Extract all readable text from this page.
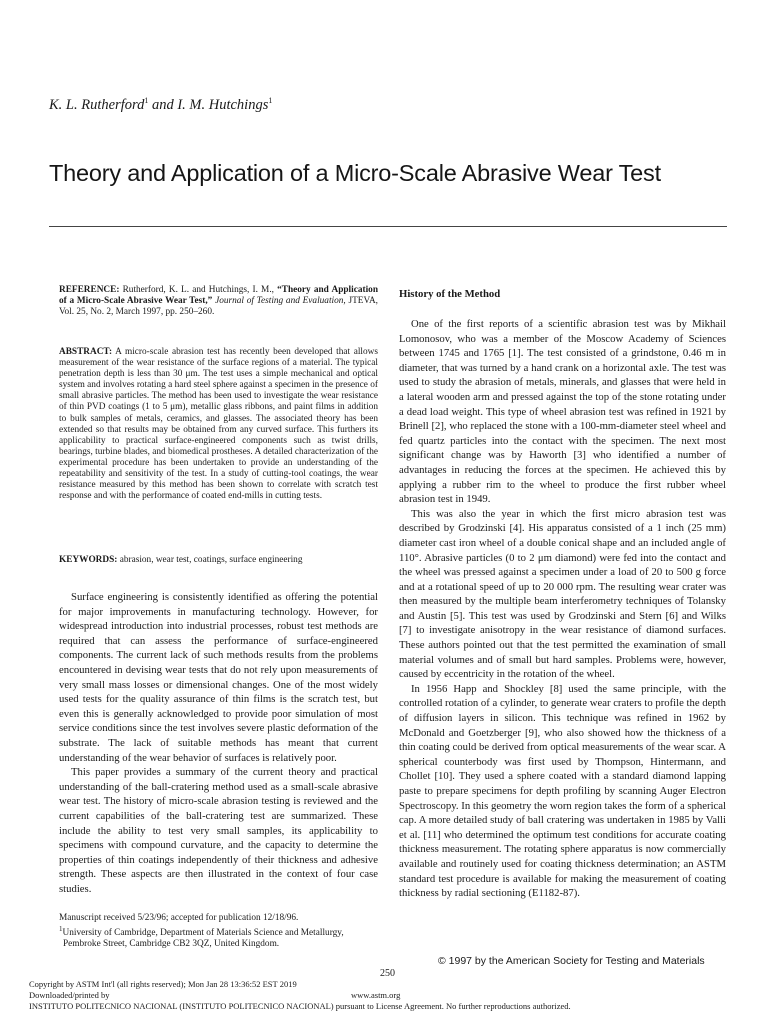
K. L. Rutherford$^1$ and I. M. Hutchings$^1$
Theory and Application of a Micro-Scale Abrasive Wear Test
REFERENCE: Rutherford, K. L. and Hutchings, I. M., “Theory and Application of a Micro-Scale Abrasive Wear Test,” Journal of Testing and Evaluation, JTEVA, Vol. 25, No. 2, March 1997, pp. 250–260.
ABSTRACT: A micro-scale abrasion test has recently been developed that allows measurement of the wear resistance of the surface regions of a material. The typical penetration depth is less than 30 μm. The test uses a simple mechanical and optical system and involves rotating a hard steel sphere against a specimen in the presence of small abrasive particles. The method has been used to investigate the wear resistance of thin PVD coatings (1 to 5 μm), metallic glass ribbons, and paint films in addition to bulk samples of metals, ceramics, and glasses. The associated theory has been extended so that results may be obtained from any curved surface. This furthers its applicability to practical surface-engineered components such as twist drills, bearings, turbine blades, and biomedical prostheses. A detailed characterization of the experimental procedure has been undertaken to provide an understanding of the repeatability and sensitivity of the test. In a study of cutting-tool coatings, the wear resistance measured by this method has been shown to correlate with scratch test response and with the performance of coated end-mills in cutting tests.
KEYWORDS: abrasion, wear test, coatings, surface engineering

Surface engineering is consistently identified as offering the potential for major improvements in manufacturing technology. However, for widespread introduction into industrial processes, robust test methods are required that can assess the performance of surface-engineered components. The current lack of such methods results from the problems encountered in devising wear tests that do not rely upon measurements of very small mass losses or dimensional changes. One of the most widely used tests for the quality assurance of thin films is the scratch test, but even this is generally acknowledged to provide poor simulation of most service conditions since the test involves severe plastic deformation of the substrate. The lack of suitable methods has meant that current understanding of the wear behavior of surfaces is relatively poor.

This paper provides a summary of the current theory and practical understanding of the ball-cratering method used as a small-scale abrasive wear test. The history of micro-scale abrasion testing is reviewed and the current capabilities of the ball-cratering test are summarized. These include the ability to test very small samples, its applicability to specimens with compound curvature, and the capacity to determine the properties of thin coatings independently of their thickness and adhesive strength. These aspects are then illustrated in the context of four case studies.

Manuscript received 5/23/96; accepted for publication 12/18/96.

$^1$University of Cambridge, Department of Materials Science and Metallurgy, Pembroke Street, Cambridge CB2 3QZ, United Kingdom.

History of the Method

One of the first reports of a scientific abrasion test was by Mikhail Lomonosov, who was a member of the Moscow Academy of Sciences between 1745 and 1765 [1]. The test consisted of a grindstone, 0.46 m in diameter, that was turned by a hand crank on a horizontal axle. The test was used to study the abrasion of metals, minerals, and glasses that were held in a lateral wooden arm and pressed against the top of the stone rotating under a dead load weight. This type of wheel abrasion test was refined in 1921 by Brinell [2], who replaced the stone with a 100-mm-diameter steel wheel and fed quartz particles into the contact with the specimen. The next most significant change was by Haworth [3] who identified a number of advantages in reducing the forces at the specimen. He achieved this by applying a rubber rim to the wheel to produce the first rubber wheel abrasion test in 1949.

This was also the year in which the first micro abrasion test was described by Grodzinski [4]. His apparatus consisted of a 1 inch (25 mm) diameter cast iron wheel of a double conical shape and an included angle of 110°. Abrasive particles (0 to 2 μm diamond) were fed into the contact and the wheel was pressed against a specimen under a load of 20 to 500 g force and at a rotational speed of up to 20 000 rpm. The resulting wear crater was then measured by the multiple beam interferometry techniques of Tolansky and Austin [5]. This test was used by Grodzinski and Stern [6] and Wilks [7] to investigate anisotropy in the wear resistance of diamond surfaces. These authors pointed out that the test permitted the examination of small material volumes and of small but hard samples. Problems were, however, caused by eccentricity in the rotation of the wheel.

In 1956 Happ and Shockley [8] used the same principle, with the controlled rotation of a cylinder, to generate wear craters to profile the depth of diffusion layers in silicon. This technique was refined in 1962 by McDonald and Goetzberger [9], who also showed how the thickness of a thin coating could be derived from optical measurements of the wear scar. A spherical counterbody was first used by Thompson, Hintermann, and Chollet [10]. They used a sphere coated with a standard diamond lapping paste to prepare specimens for depth profiling by scanning Auger Electron Spectroscopy. In this geometry the worn region takes the form of a spherical cap. A more detailed study of ball cratering was undertaken in 1985 by Valli et al. [11] who determined the optimum test conditions for accurate coating thickness measurement. The rotating sphere apparatus is now commercially available and routinely used for coating thickness determination; an ASTM standard test procedure is available for making the measurement of coating thickness by radial sectioning (E1182-87).

© 1997 by the American Society for Testing and Materials
250
Copyright by ASTM Int'l (all rights reserved); Mon Jan 28 13:36:52 EST 2019
Downloaded/printed by	www.astm.org
INSTITUTO POLITECNICO NACIONAL (INSTITUTO POLITECNICO NACIONAL) pursuant to License Agreement. No further reproductions authorized.
